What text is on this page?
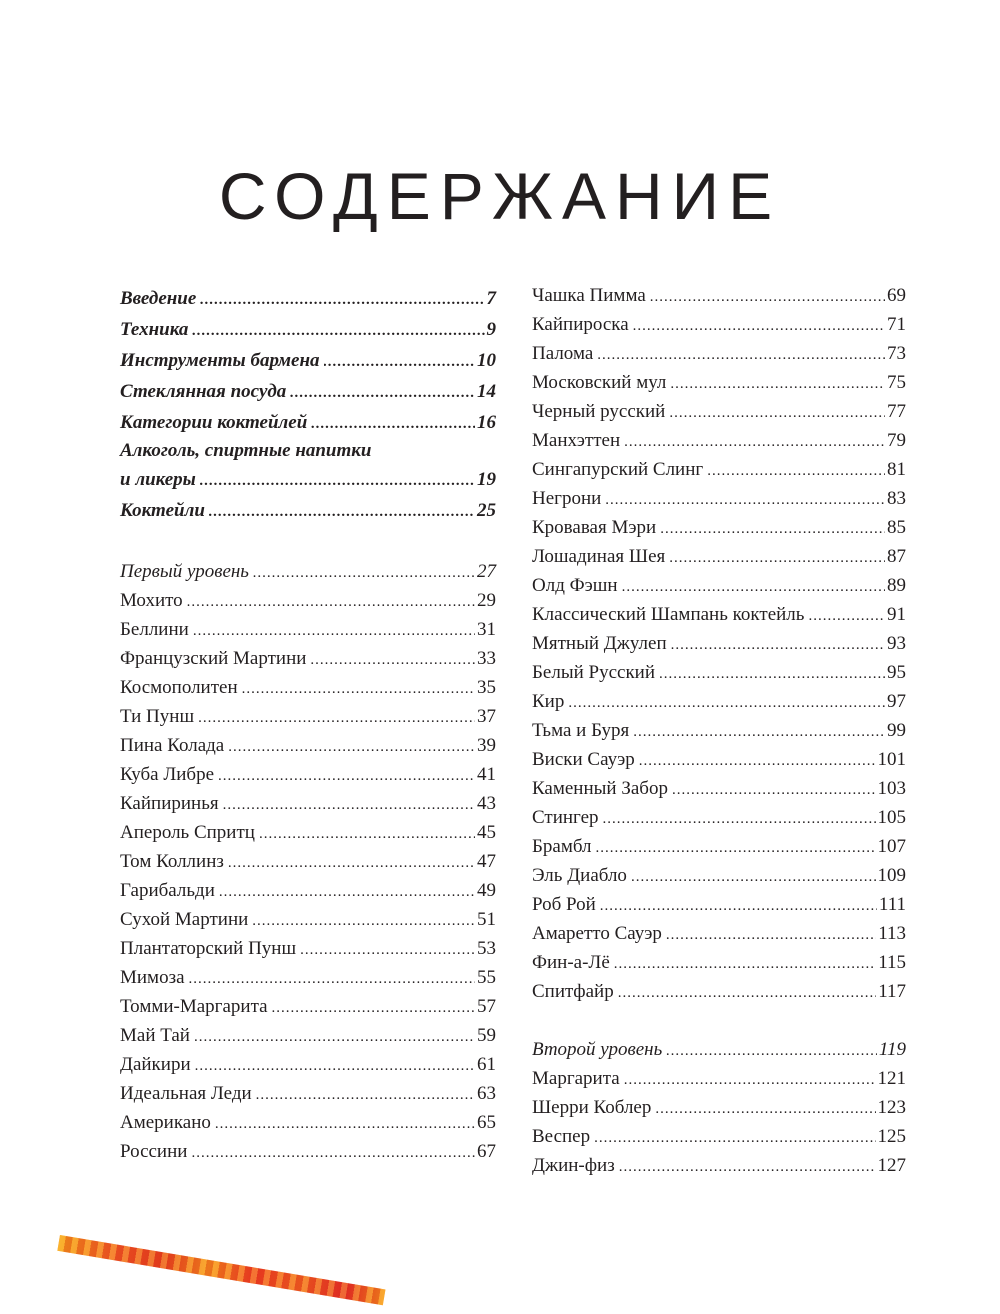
СОДЕРЖАНИЕ
Введение .....	7
Техника .....	9
Инструменты бармена .....	10
Стеклянная посуда .....	14
Категории коктейлей .....	16
Алкоголь, спиртные напитки
и ликеры .....	19
Коктейли .....	25
Первый уровень .....	27
Мохито .....	29
Беллини .....	31
Французский Мартини .....	33
Космополитен .....	35
Ти Пунш .....	37
Пина Колада .....	39
Куба Либре .....	41
Кайпиринья .....	43
Апероль Спритц .....	45
Том Коллинз .....	47
Гарибальди .....	49
Сухой Мартини .....	51
Плантаторский Пунш .....	53
Мимоза .....	55
Томми-Маргарита .....	57
Май Тай .....	59
Дайкири .....	61
Идеальная Леди .....	63
Американо .....	65
Россини .....	67
Чашка Пимма .....	69
Кайпироска .....	71
Палома .....	73
Московский мул .....	75
Черный русский .....	77
Манхэттен .....	79
Сингапурский Слинг .....	81
Негрони .....	83
Кровавая Мэри .....	85
Лошадиная Шея .....	87
Олд Фэшн .....	89
Классический Шампань коктейль .....	91
Мятный Джулеп .....	93
Белый Русский .....	95
Кир .....	97
Тьма и Буря .....	99
Виски Сауэр .....	101
Каменный Забор .....	103
Стингер .....	105
Брамбл .....	107
Эль Диабло .....	109
Роб Рой .....	111
Амаретто Сауэр .....	113
Фин-а-Лё .....	115
Спитфайр .....	117
Второй уровень .....	119
Маргарита .....	121
Шерри Коблер .....	123
Веспер .....	125
Джин-физ .....	127
